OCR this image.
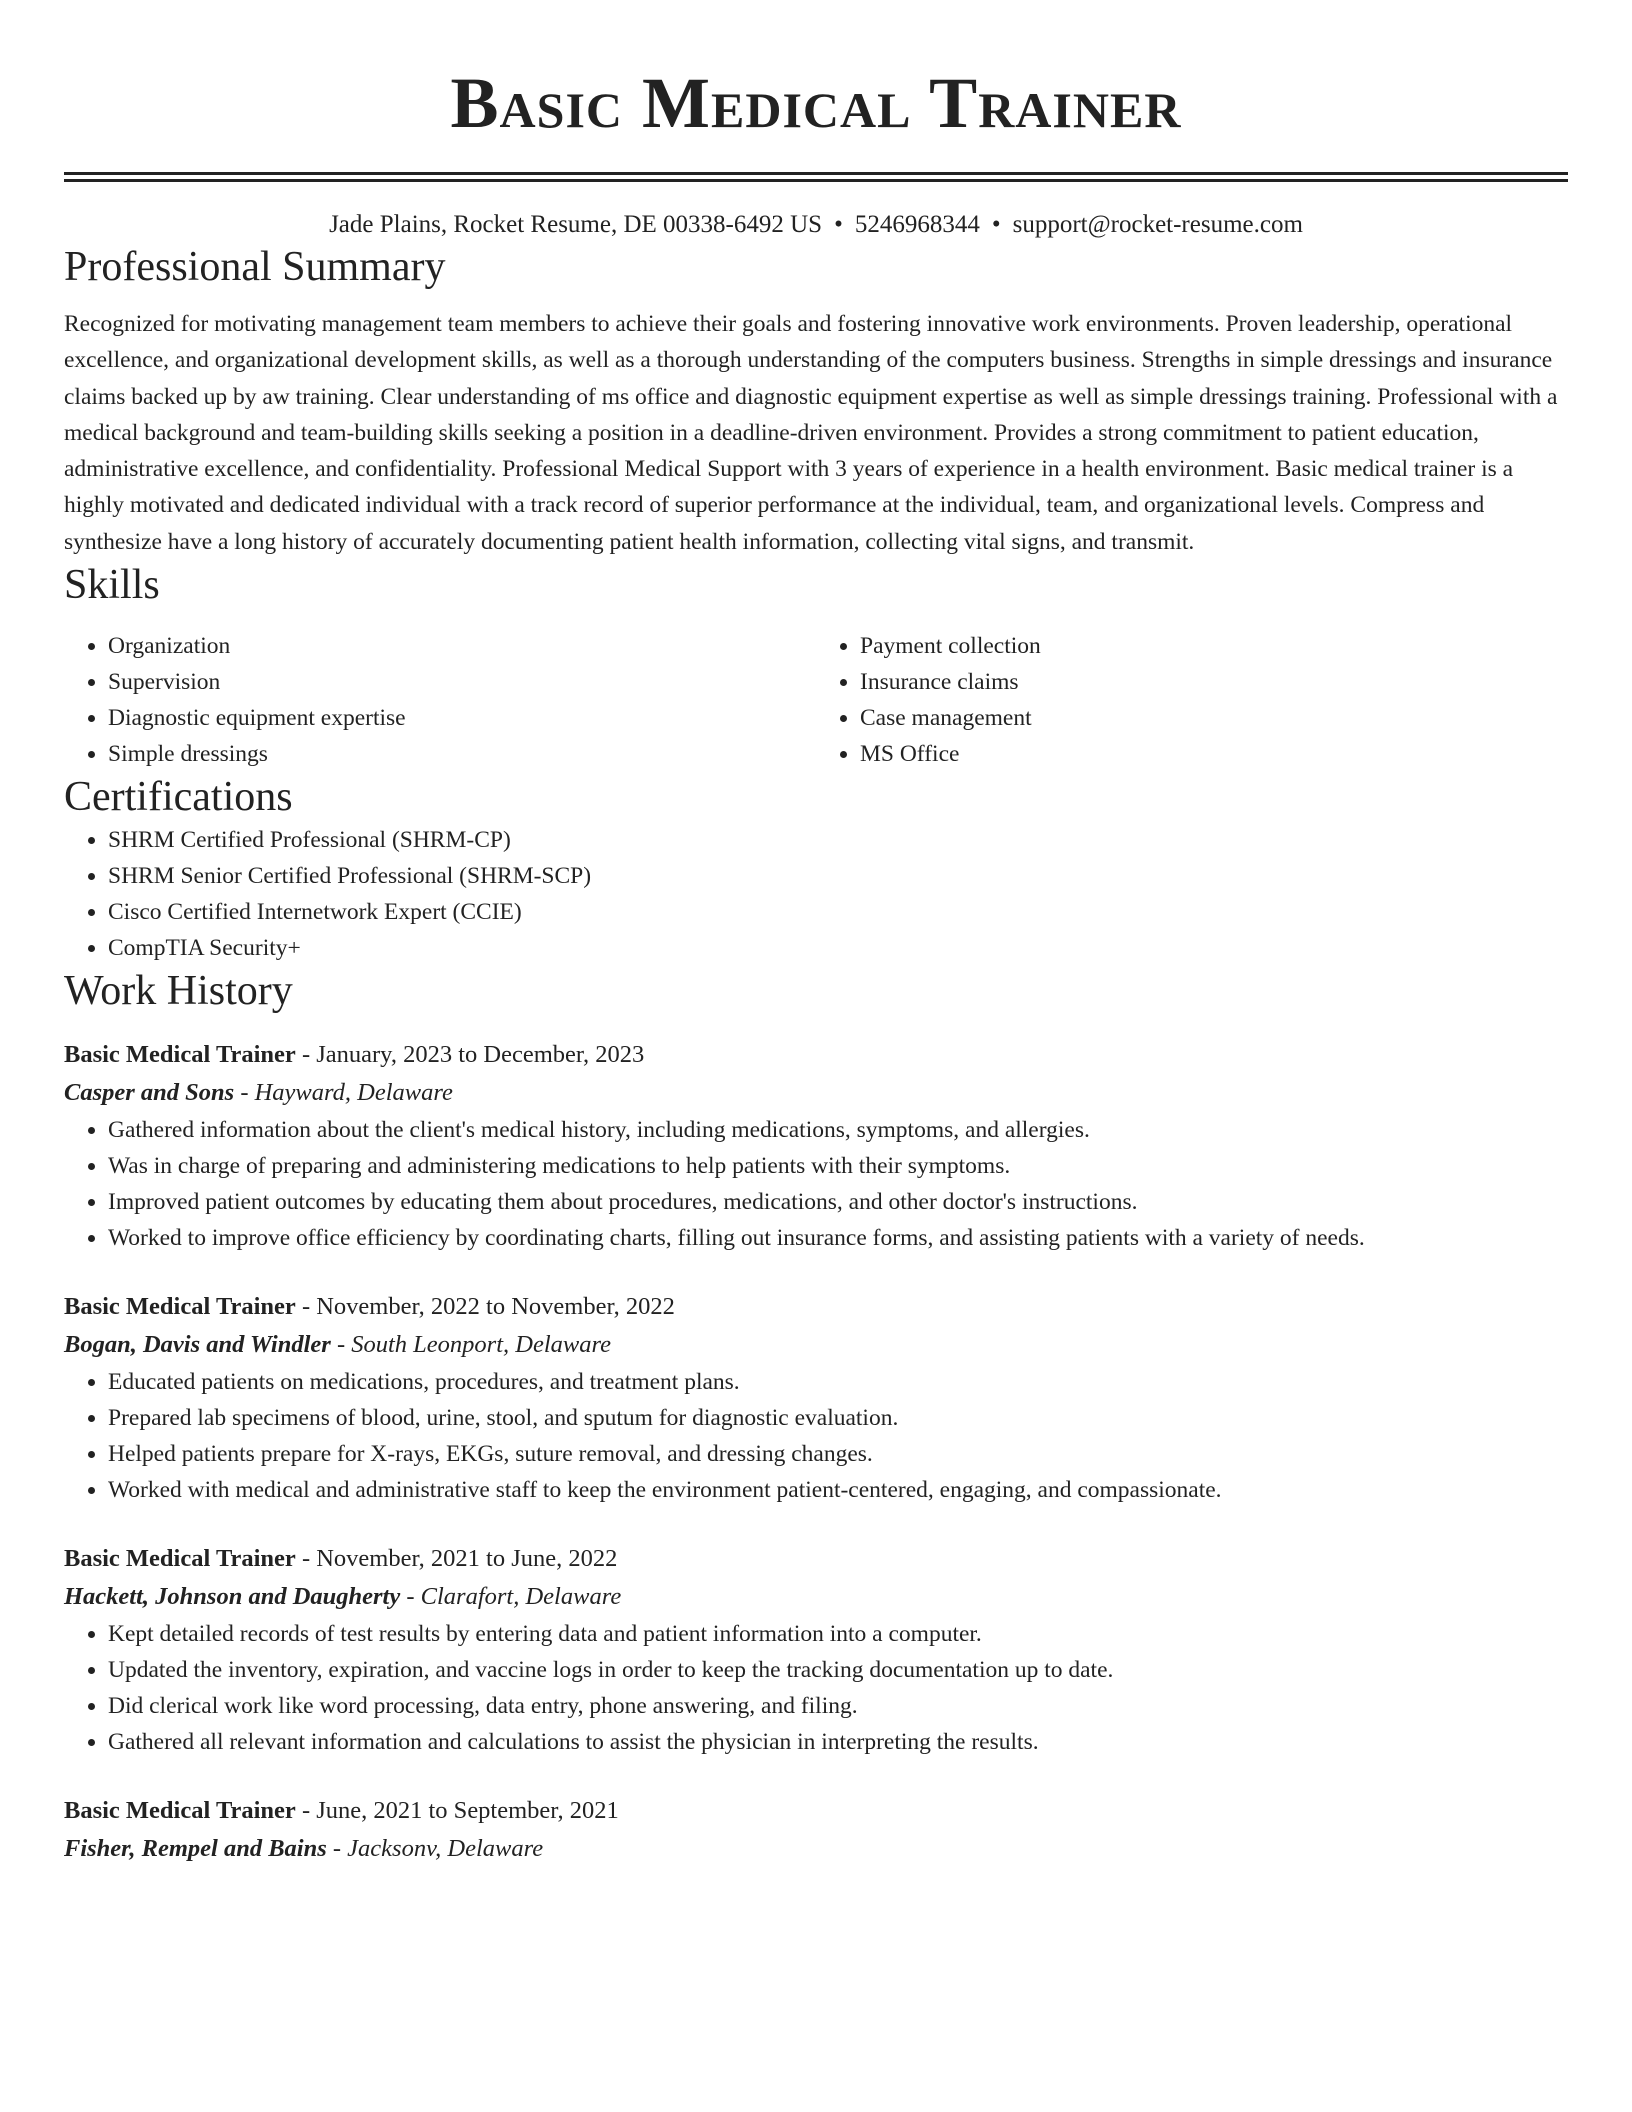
Basic Medical Trainer
Jade Plains, Rocket Resume, DE 00338-6492 US • 5246968344 • support@rocket-resume.com
Professional Summary
Recognized for motivating management team members to achieve their goals and fostering innovative work environments. Proven leadership, operational excellence, and organizational development skills, as well as a thorough understanding of the computers business. Strengths in simple dressings and insurance claims backed up by aw training. Clear understanding of ms office and diagnostic equipment expertise as well as simple dressings training. Professional with a medical background and team-building skills seeking a position in a deadline-driven environment. Provides a strong commitment to patient education, administrative excellence, and confidentiality. Professional Medical Support with 3 years of experience in a health environment. Basic medical trainer is a highly motivated and dedicated individual with a track record of superior performance at the individual, team, and organizational levels. Compress and synthesize have a long history of accurately documenting patient health information, collecting vital signs, and transmit.
Skills
• Organization
• Supervision
• Diagnostic equipment expertise
• Simple dressings
• Payment collection
• Insurance claims
• Case management
• MS Office
Certifications
• SHRM Certified Professional (SHRM-CP)
• SHRM Senior Certified Professional (SHRM-SCP)
• Cisco Certified Internetwork Expert (CCIE)
• CompTIA Security+
Work History
Basic Medical Trainer - January, 2023 to December, 2023
Casper and Sons - Hayward, Delaware
• Gathered information about the client's medical history, including medications, symptoms, and allergies.
• Was in charge of preparing and administering medications to help patients with their symptoms.
• Improved patient outcomes by educating them about procedures, medications, and other doctor's instructions.
• Worked to improve office efficiency by coordinating charts, filling out insurance forms, and assisting patients with a variety of needs.
Basic Medical Trainer - November, 2022 to November, 2022
Bogan, Davis and Windler - South Leonport, Delaware
• Educated patients on medications, procedures, and treatment plans.
• Prepared lab specimens of blood, urine, stool, and sputum for diagnostic evaluation.
• Helped patients prepare for X-rays, EKGs, suture removal, and dressing changes.
• Worked with medical and administrative staff to keep the environment patient-centered, engaging, and compassionate.
Basic Medical Trainer - November, 2021 to June, 2022
Hackett, Johnson and Daugherty - Clarafort, Delaware
• Kept detailed records of test results by entering data and patient information into a computer.
• Updated the inventory, expiration, and vaccine logs in order to keep the tracking documentation up to date.
• Did clerical work like word processing, data entry, phone answering, and filing.
• Gathered all relevant information and calculations to assist the physician in interpreting the results.
Basic Medical Trainer - June, 2021 to September, 2021
Fisher, Rempel and Bains - Jacksonv, Delaware
